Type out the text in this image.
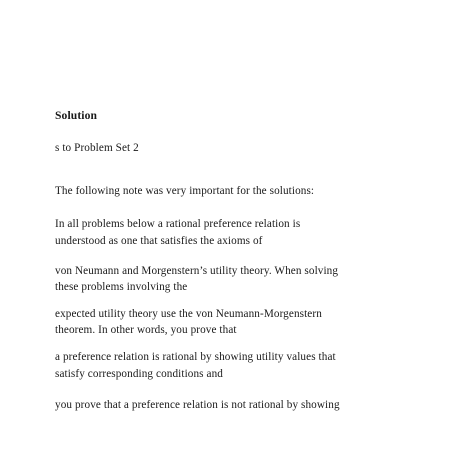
Solution

s to Problem Set 2

The following note was very important for the solutions:

In all problems below a rational preference relation is

understood as one that satisfies the axioms of

von Neumann and Morgenstern’s utility theory. When solving

these problems involving the

expected utility theory use the von Neumann-Morgenstern

theorem. In other words, you prove that

a preference relation is rational by showing utility values that

satisfy corresponding conditions and

you prove that a preference relation is not rational by showing
